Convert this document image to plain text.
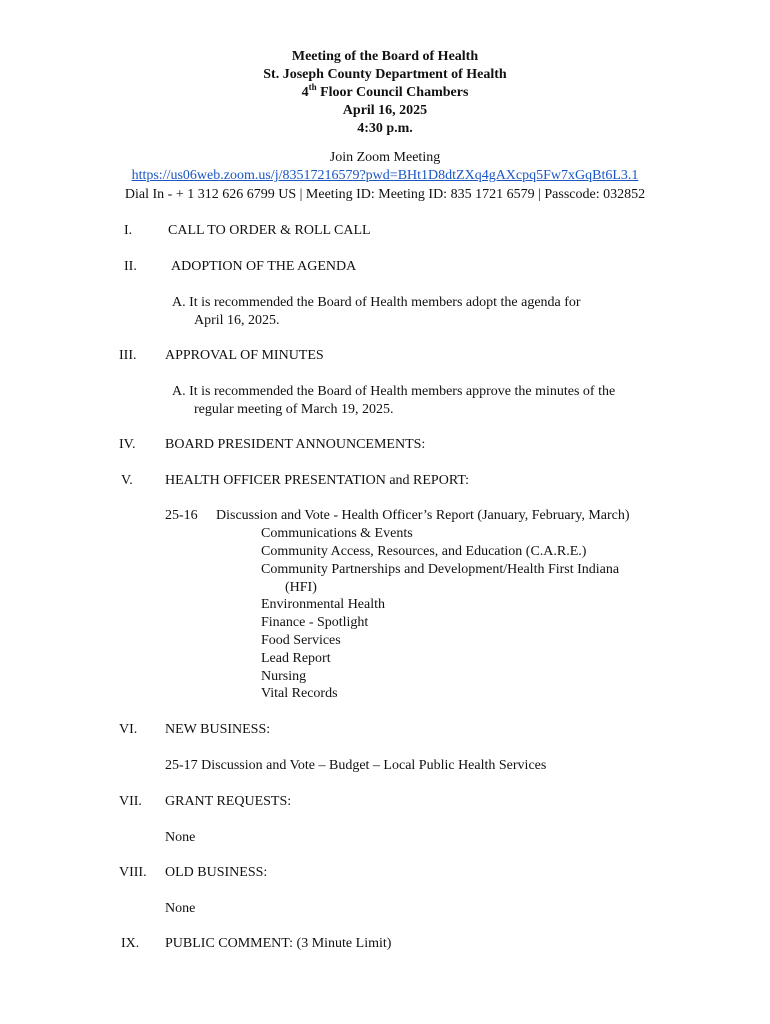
Meeting of the Board of Health
St. Joseph County Department of Health
4th Floor Council Chambers
April 16, 2025
4:30 p.m.
Join Zoom Meeting
https://us06web.zoom.us/j/83517216579?pwd=BHt1D8dtZXq4gAXcpq5Fw7xGqBt6L3.1
Dial In - + 1 312 626 6799 US | Meeting ID: Meeting ID: 835 1721 6579 | Passcode: 032852
I.	CALL TO ORDER & ROLL CALL
II. ADOPTION OF THE AGENDA
A. It is recommended the Board of Health members adopt the agenda for
April 16, 2025.
III. APPROVAL OF MINUTES
A. It is recommended the Board of Health members approve the minutes of the
regular meeting of March 19, 2025.
IV. BOARD PRESIDENT ANNOUNCEMENTS:
V. HEALTH OFFICER PRESENTATION and REPORT:
25-16 Discussion and Vote - Health Officer’s Report (January, February, March)
Communications & Events
Community Access, Resources, and Education (C.A.R.E.)
Community Partnerships and Development/Health First Indiana
(HFI)
Environmental Health
Finance - Spotlight
Food Services
Lead Report
Nursing
Vital Records
VI. NEW BUSINESS:
25-17 Discussion and Vote – Budget – Local Public Health Services
VII. GRANT REQUESTS:
None
VIII. OLD BUSINESS:
None
IX. PUBLIC COMMENT: (3 Minute Limit)
